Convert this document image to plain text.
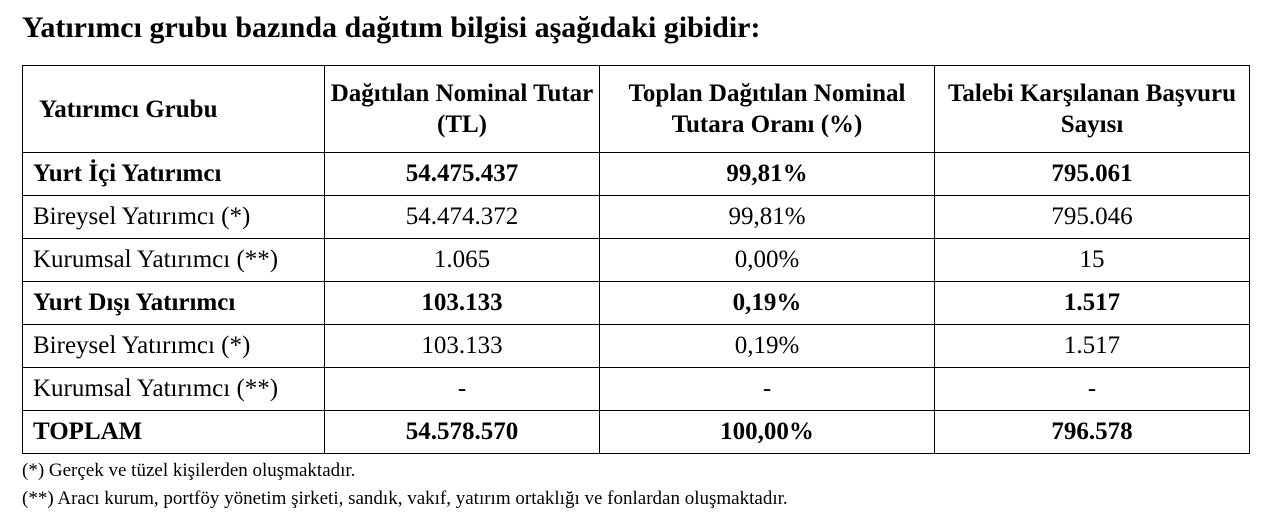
Yatırımcı grubu bazında dağıtım bilgisi aşağıdaki gibidir:
Yatırımcı Grubu	Dağıtılan Nominal Tutar (TL)	Toplan Dağıtılan Nominal Tutara Oranı (%)	Talebi Karşılanan Başvuru Sayısı
Yurt İçi Yatırımcı	54.475.437	99,81%	795.061
Bireysel Yatırımcı (*)	54.474.372	99,81%	795.046
Kurumsal Yatırımcı (**)	1.065	0,00%	15
Yurt Dışı Yatırımcı	103.133	0,19%	1.517
Bireysel Yatırımcı (*)	103.133	0,19%	1.517
Kurumsal Yatırımcı (**)	-	-	-
TOPLAM	54.578.570	100,00%	796.578
(*) Gerçek ve tüzel kişilerden oluşmaktadır.
(**) Aracı kurum, portföy yönetim şirketi, sandık, vakıf, yatırım ortaklığı ve fonlardan oluşmaktadır.
